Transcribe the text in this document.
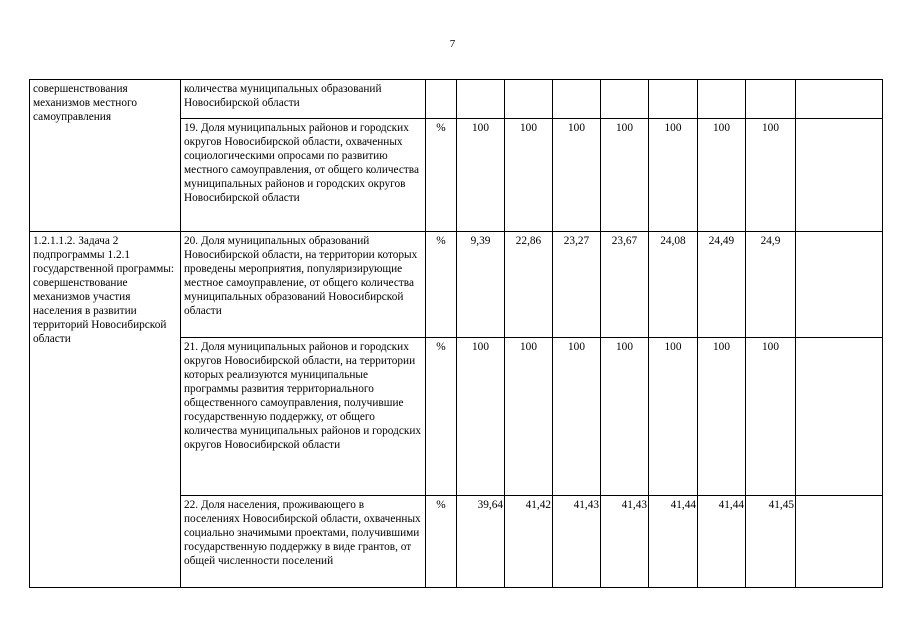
7
совершенствования механизмов местного самоуправления	количества муниципальных образований Новосибирской области									
	19. Доля муниципальных районов и городских округов Новосибирской области, охваченных социологическими опросами по развитию местного самоуправления, от общего количества муниципальных районов и городских округов Новосибирской области	%	100	100	100	100	100	100	100	
1.2.1.1.2. Задача 2 подпрограммы 1.2.1 государственной программы: совершенствование механизмов участия населения в развитии территорий Новосибирской области	20. Доля муниципальных образований Новосибирской области, на территории которых проведены мероприятия, популяризирующие местное самоуправление, от общего количества муниципальных образований Новосибирской области	%	9,39	22,86	23,27	23,67	24,08	24,49	24,9	
	21. Доля муниципальных районов и городских округов Новосибирской области, на территории которых реализуются муниципальные программы развития территориального общественного самоуправления, получившие государственную поддержку, от общего количества муниципальных районов и городских округов Новосибирской области	%	100	100	100	100	100	100	100	
	22. Доля населения, проживающего в поселениях Новосибирской области, охваченных социально значимыми проектами, получившими государственную поддержку в виде грантов, от общей численности поселений	%	39,64	41,42	41,43	41,43	41,44	41,44	41,45	
